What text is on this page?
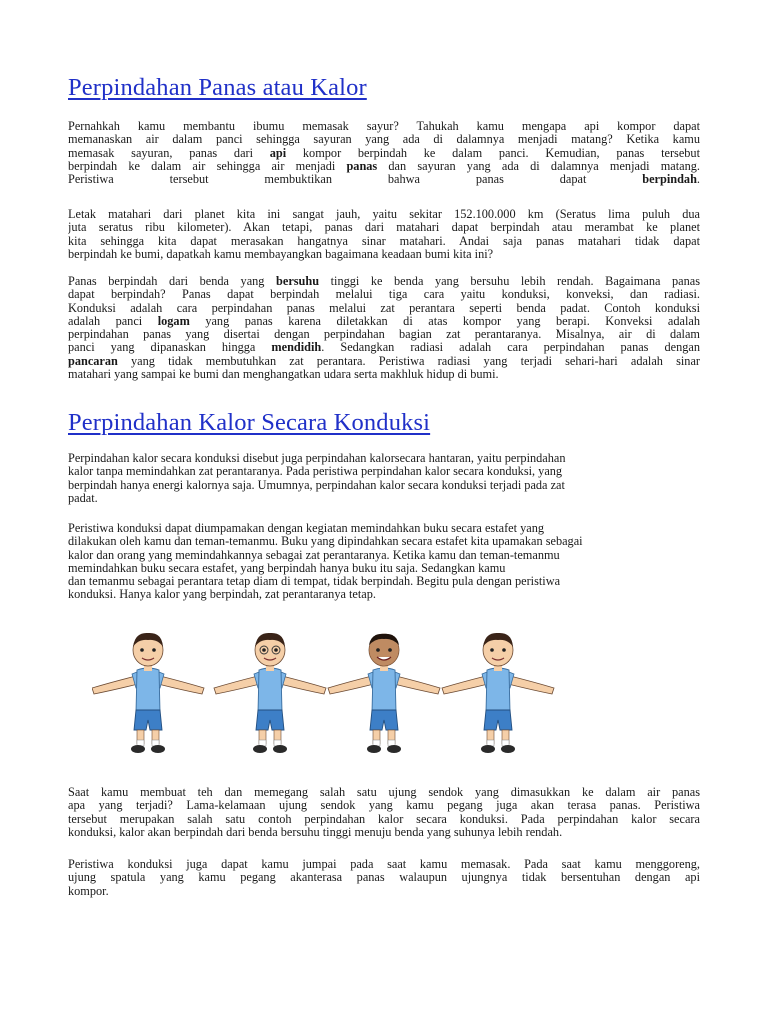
Perpindahan Panas atau Kalor
Pernahkah kamu membantu ibumu memasak sayur? Tahukah kamu mengapa api kompor dapat
memanaskan air dalam panci sehingga sayuran yang ada di dalamnya menjadi matang? Ketika kamu
memasak sayuran, panas dari api kompor berpindah ke dalam panci. Kemudian, panas tersebut
berpindah ke dalam air sehingga air menjadi panas dan sayuran yang ada di dalamnya menjadi matang.
Peristiwa tersebut membuktikan bahwa panas dapat berpindah.
Letak matahari dari planet kita ini sangat jauh, yaitu sekitar 152.100.000 km (Seratus lima puluh dua
juta seratus ribu kilometer). Akan tetapi, panas dari matahari dapat berpindah atau merambat ke planet
kita sehingga kita dapat merasakan hangatnya sinar matahari. Andai saja panas matahari tidak dapat
berpindah ke bumi, dapatkah kamu membayangkan bagaimana keadaan bumi kita ini?
Panas berpindah dari benda yang bersuhu tinggi ke benda yang bersuhu lebih rendah. Bagaimana panas
dapat berpindah? Panas dapat berpindah melalui tiga cara yaitu konduksi, konveksi, dan radiasi.
Konduksi adalah cara perpindahan panas melalui zat perantara seperti benda padat. Contoh konduksi
adalah panci logam yang panas karena diletakkan di atas kompor yang berapi. Konveksi adalah
perpindahan panas yang disertai dengan perpindahan bagian zat perantaranya. Misalnya, air di dalam
panci yang dipanaskan hingga mendidih. Sedangkan radiasi adalah cara perpindahan panas dengan
pancaran yang tidak membutuhkan zat perantara. Peristiwa radiasi yang terjadi sehari-hari adalah sinar
matahari yang sampai ke bumi dan menghangatkan udara serta makhluk hidup di bumi.
Perpindahan Kalor Secara Konduksi
Perpindahan kalor secara konduksi disebut juga perpindahan kalorsecara hantaran, yaitu perpindahan
kalor tanpa memindahkan zat perantaranya. Pada peristiwa perpindahan kalor secara konduksi, yang
berpindah hanya energi kalornya saja. Umumnya, perpindahan kalor secara konduksi terjadi pada zat
padat.
Peristiwa konduksi dapat diumpamakan dengan kegiatan memindahkan buku secara estafet yang
dilakukan oleh kamu dan teman-temanmu. Buku yang dipindahkan secara estafet kita upamakan sebagai
kalor dan orang yang memindahkannya sebagai zat perantaranya. Ketika kamu dan teman-temanmu
memindahkan buku secara estafet, yang berpindah hanya buku itu saja. Sedangkan kamu
dan temanmu sebagai perantara tetap diam di tempat, tidak berpindah. Begitu pula dengan peristiwa
konduksi. Hanya kalor yang berpindah, zat perantaranya tetap.
Saat kamu membuat teh dan memegang salah satu ujung sendok yang dimasukkan ke dalam air panas
apa yang terjadi? Lama-kelamaan ujung sendok yang kamu pegang juga akan terasa panas. Peristiwa
tersebut merupakan salah satu contoh perpindahan kalor secara konduksi. Pada perpindahan kalor secara
konduksi, kalor akan berpindah dari benda bersuhu tinggi menuju benda yang suhunya lebih rendah.
Peristiwa konduksi juga dapat kamu jumpai pada saat kamu memasak. Pada saat kamu menggoreng,
ujung spatula yang kamu pegang akanterasa panas walaupun ujungnya tidak bersentuhan dengan api
kompor.
